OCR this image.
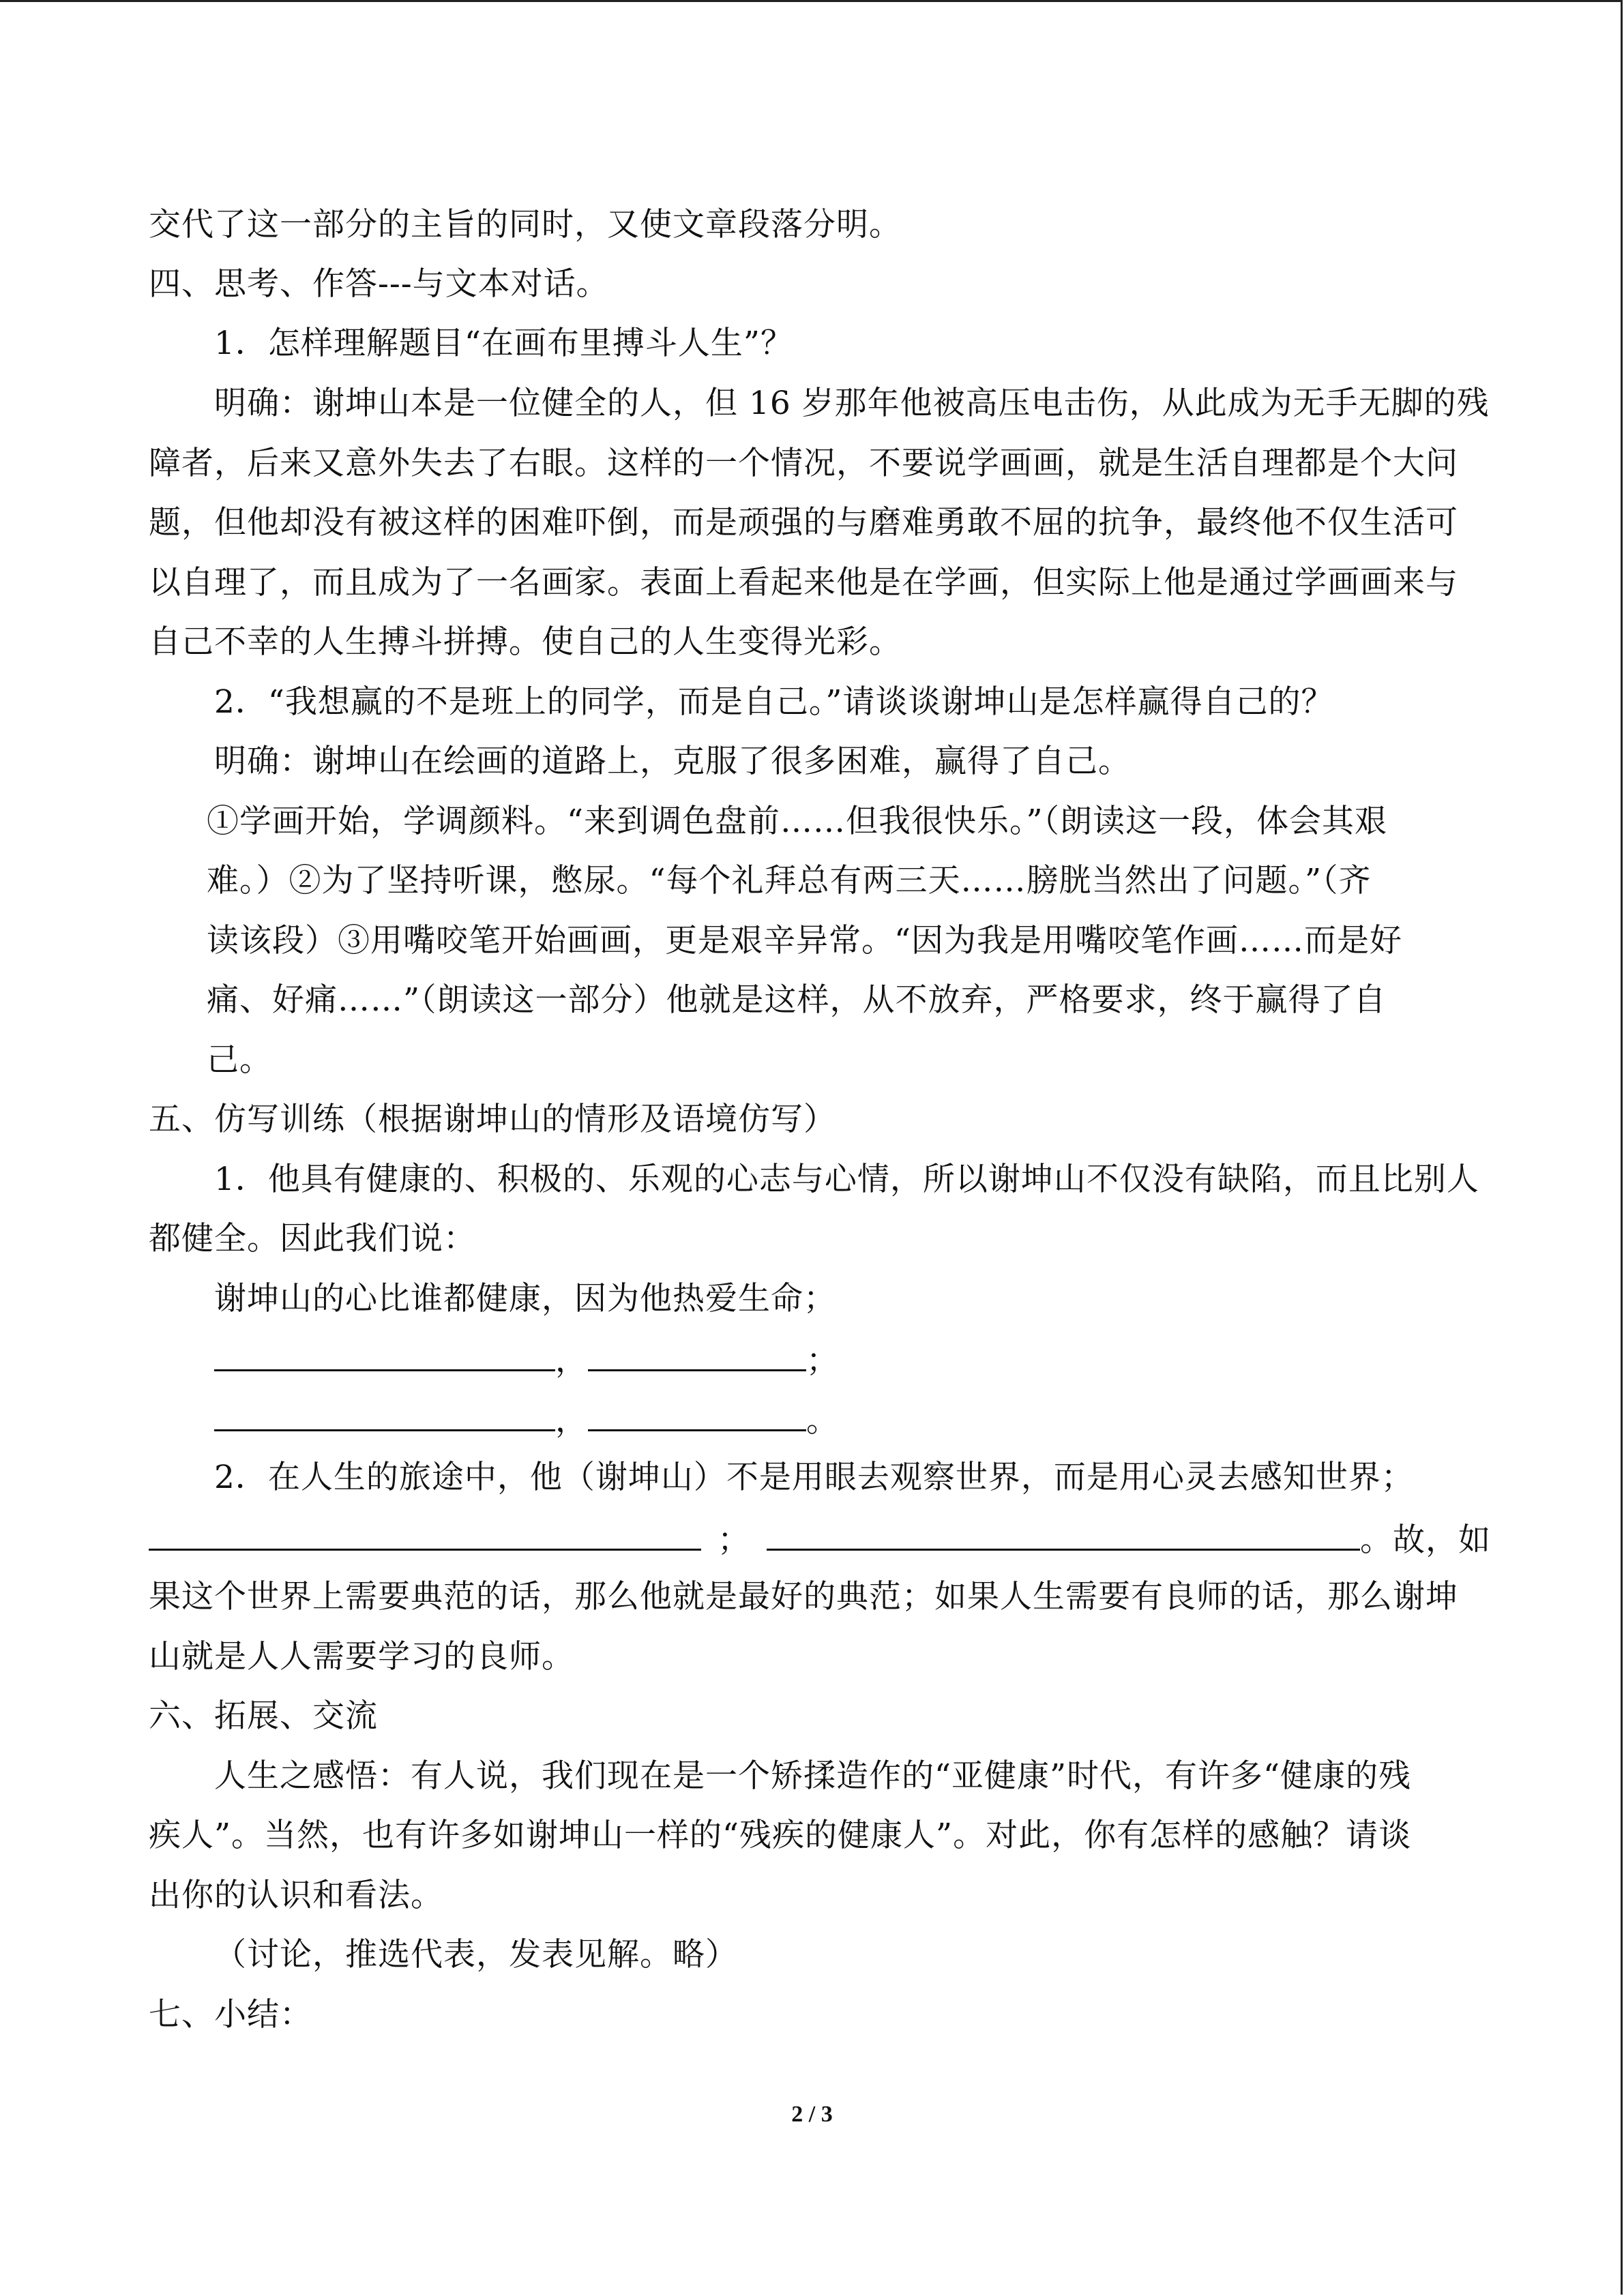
交代了这一部分的主旨的同时，又使文章段落分明。
四、思考、作答---与文本对话。
1．怎样理解题目“在画布里搏斗人生”？
明确：谢坤山本是一位健全的人，但 16 岁那年他被高压电击伤，从此成为无手无脚的残
障者，后来又意外失去了右眼。这样的一个情况，不要说学画画，就是生活自理都是个大问
题，但他却没有被这样的困难吓倒，而是顽强的与磨难勇敢不屈的抗争，最终他不仅生活可
以自理了，而且成为了一名画家。表面上看起来他是在学画，但实际上他是通过学画画来与
自己不幸的人生搏斗拼搏。使自己的人生变得光彩。
2．“我想赢的不是班上的同学，而是自己。”请谈谈谢坤山是怎样赢得自己的？
明确：谢坤山在绘画的道路上，克服了很多困难，赢得了自己。
①学画开始，学调颜料。“来到调色盘前……但我很快乐。”（朗读这一段，体会其艰
难。）②为了坚持听课，憋尿。“每个礼拜总有两三天……膀胱当然出了问题。”（齐
读该段）③用嘴咬笔开始画画，更是艰辛异常。“因为我是用嘴咬笔作画……而是好
痛、好痛……”（朗读这一部分）他就是这样，从不放弃，严格要求，终于赢得了自
己。
五、仿写训练（根据谢坤山的情形及语境仿写）
1．他具有健康的、积极的、乐观的心志与心情，所以谢坤山不仅没有缺陷，而且比别人
都健全。因此我们说：
谢坤山的心比谁都健康，因为他热爱生命；
，	；
，	。
2．在人生的旅途中，他（谢坤山）不是用眼去观察世界，而是用心灵去感知世界；
；	。故，如
果这个世界上需要典范的话，那么他就是最好的典范；如果人生需要有良师的话，那么谢坤
山就是人人需要学习的良师。
六、拓展、交流
人生之感悟：有人说，我们现在是一个矫揉造作的“亚健康”时代，有许多“健康的残
疾人”。当然，也有许多如谢坤山一样的“残疾的健康人”。对此，你有怎样的感触？请谈
出你的认识和看法。
（讨论，推选代表，发表见解。略）
七、小结：
2 / 3
